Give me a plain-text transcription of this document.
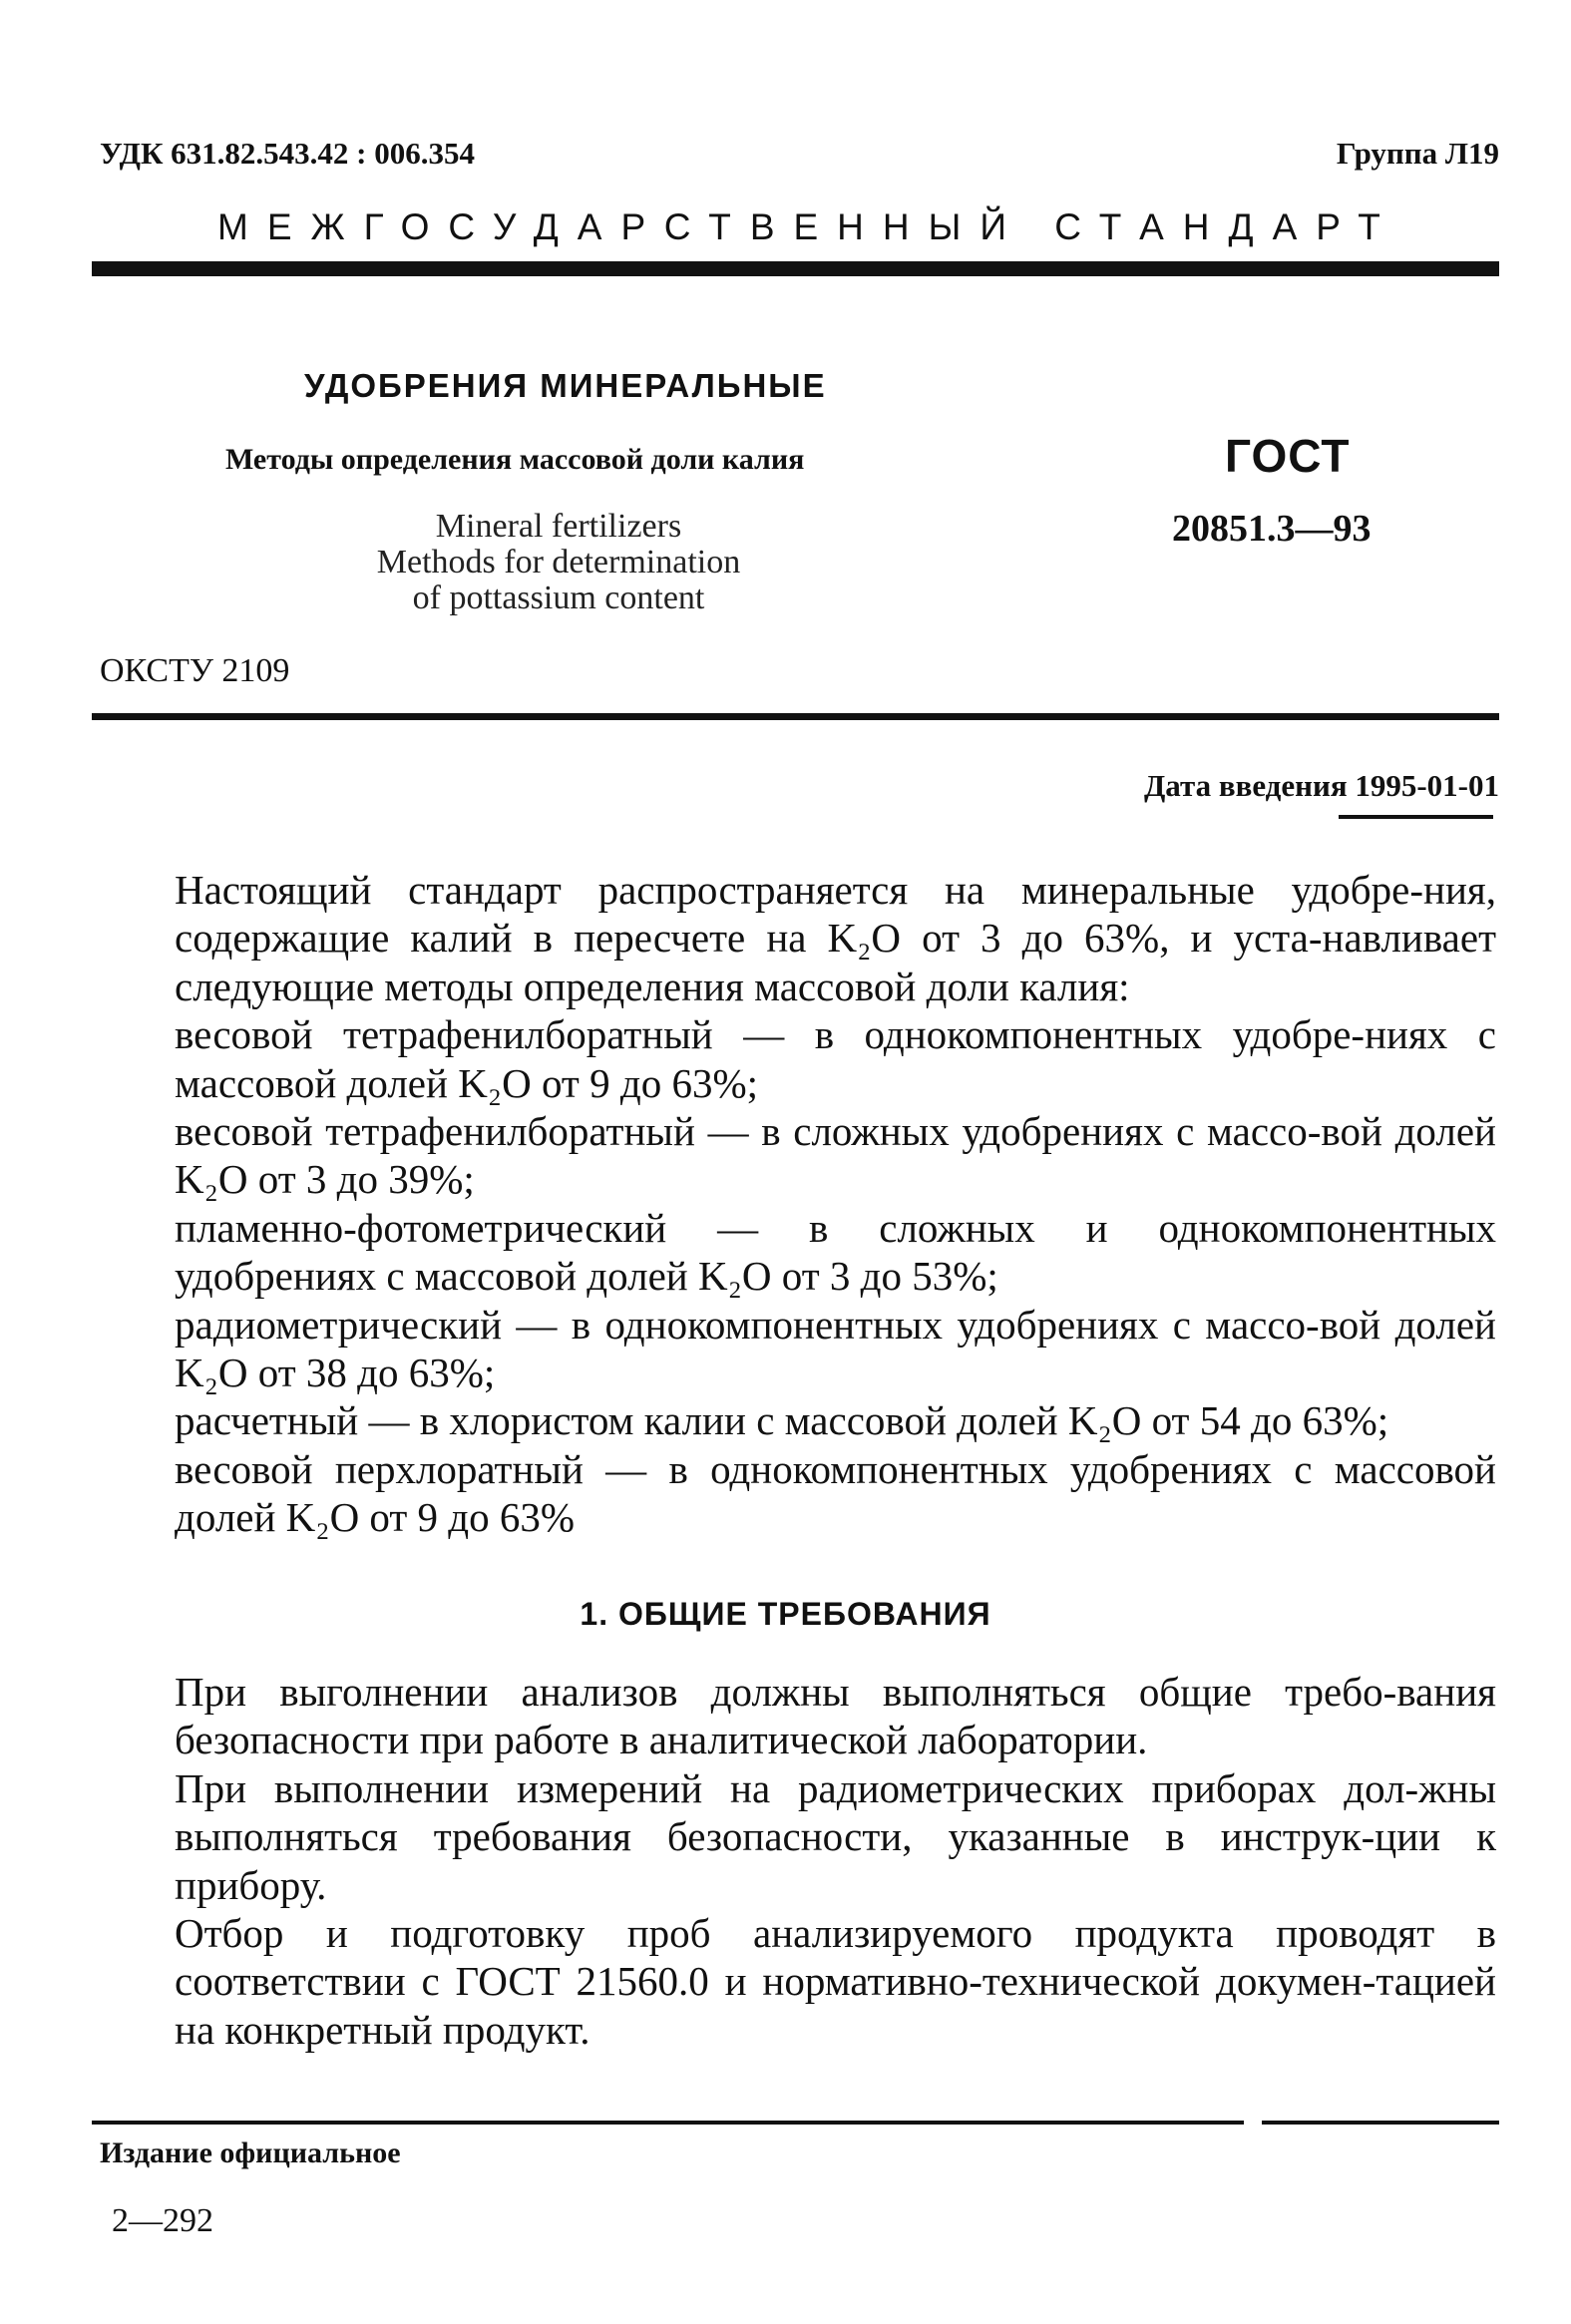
УДК 631.82.543.42 : 006.354	Группа Л19
МЕЖГОСУДАРСТВЕННЫЙ СТАНДАРТ
УДОБРЕНИЯ МИНЕРАЛЬНЫЕ
Методы определения массовой доли калия
Mineral fertilizers
Methods for determination
of pottassium content
ГОСТ
20851.3—93
ОКСТУ 2109
Дата введения 1995-01-01
Настоящий стандарт распространяется на минеральные удобре-ния, содержащие калий в пересчете на K₂O от 3 до 63%, и уста-навливает следующие методы определения массовой доли калия:
весовой тетрафенилборатный — в однокомпонентных удобре-ниях с массовой долей K₂O от 9 до 63%;
весовой тетрафенилборатный — в сложных удобрениях с массо-вой долей K₂O от 3 до 39%;
пламенно-фотометрический — в сложных и однокомпонентных удобрениях с массовой долей K₂O от 3 до 53%;
радиометрический — в однокомпонентных удобрениях с массо-вой долей K₂O от 38 до 63%;
расчетный — в хлористом калии с массовой долей K₂O от 54 до 63%;
весовой перхлоратный — в однокомпонентных удобрениях с массовой долей K₂O от 9 до 63%
1. ОБЩИЕ ТРЕБОВАНИЯ
При выголнении анализов должны выполняться общие требо-вания безопасности при работе в аналитической лаборатории.
При выполнении измерений на радиометрических приборах дол-жны выполняться требования безопасности, указанные в инструк-ции к прибору.
Отбор и подготовку проб анализируемого продукта проводят в соответствии с ГОСТ 21560.0 и нормативно-технической докумен-тацией на конкретный продукт.
Издание официальное
2—292
